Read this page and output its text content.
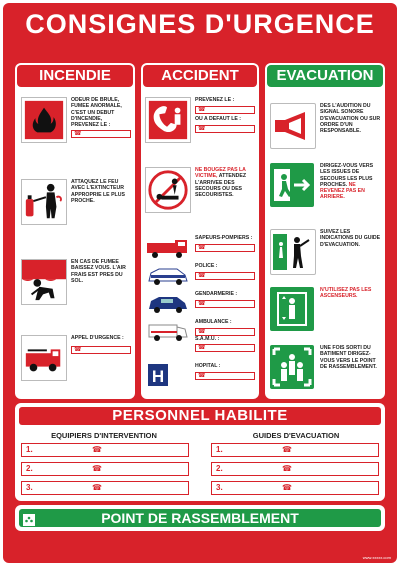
CONSIGNES D'URGENCE
INCENDIE
ODEUR DE BRULE, FUMEE ANORMALE, C'EST UN DEBUT D'INCENDIE, PREVENEZ LE :
☎
ATTAQUEZ LE FEU AVEC L'EXTINCTEUR APPROPRIE LE PLUS PROCHE.
EN CAS DE FUMEE BAISSEZ VOUS. L'AIR FRAIS EST PRES DU SOL.
APPEL D'URGENCE :
☎
ACCIDENT
PREVENEZ LE :
☎
OU A DEFAUT LE :
☎
NE BOUGEZ PAS LA VICTIME, ATTENDEZ L'ARRIVEE DES SECOURS OU DES SECOURISTES.
SAPEURS-POMPIERS :
☎
POLICE :
☎
GENDARMERIE :
☎
AMBULANCE :
☎
S.A.M.U. :
☎
H
HOPITAL :
☎
EVACUATION
DES L'AUDITION DU SIGNAL SONORE D'EVACUATION OU SUR ORDRE D'UN RESPONSABLE.
DIRIGEZ-VOUS VERS LES ISSUES DE SECOURS LES PLUS PROCHES. NE REVENEZ PAS EN ARRIERE.
SUIVEZ LES INDICATIONS DU GUIDE D'EVACUATION.
N'UTILISEZ PAS LES ASCENSEURS.
UNE FOIS SORTI DU BATIMENT DIRIGEZ-VOUS VERS LE POINT DE RASSEMBLEMENT.
PERSONNEL HABILITE
EQUIPIERS D'INTERVENTION	GUIDES D'EVACUATION
1.	☎
2.	☎
3.	☎
1.	☎
2.	☎
3.	☎
POINT DE RASSEMBLEMENT
www.xxxxx.com
